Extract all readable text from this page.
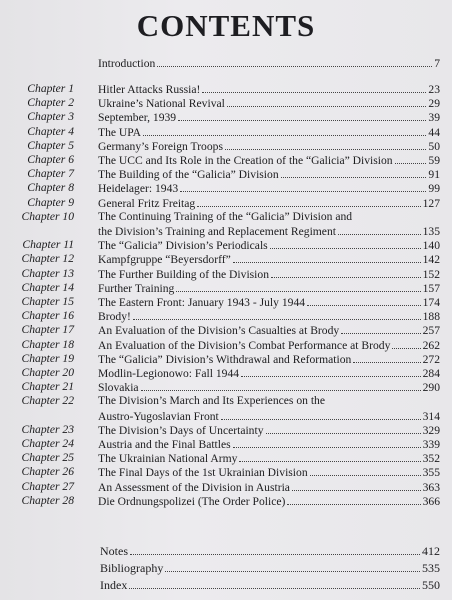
CONTENTS
Introduction	7
Chapter 1 Hitler Attacks Russia!	23
Chapter 2 Ukraine’s National Revival	29
Chapter 3 September, 1939	39
Chapter 4 The UPA	44
Chapter 5 Germany’s Foreign Troops	50
Chapter 6 The UCC and Its Role in the Creation of the “Galicia” Division	59
Chapter 7 The Building of the “Galicia” Division	91
Chapter 8 Heidelager: 1943	99
Chapter 9 General Fritz Freitag	127
Chapter 10 The Continuing Training of the “Galicia” Division and
the Division’s Training and Replacement Regiment	135
Chapter 11 The “Galicia” Division’s Periodicals	140
Chapter 12 Kampfgruppe “Beyersdorff”	142
Chapter 13 The Further Building of the Division	152
Chapter 14 Further Training	157
Chapter 15 The Eastern Front: January 1943 - July 1944	174
Chapter 16 Brody!	188
Chapter 17 An Evaluation of the Division’s Casualties at Brody	257
Chapter 18 An Evaluation of the Division’s Combat Performance at Brody	262
Chapter 19 The “Galicia” Division’s Withdrawal and Reformation	272
Chapter 20 Modlin-Legionowo: Fall 1944	284
Chapter 21 Slovakia	290
Chapter 22 The Division’s March and Its Experiences on the
Austro-Yugoslavian Front	314
Chapter 23 The Division’s Days of Uncertainty	329
Chapter 24 Austria and the Final Battles	339
Chapter 25 The Ukrainian National Army	352
Chapter 26 The Final Days of the 1st Ukrainian Division	355
Chapter 27 An Assessment of the Division in Austria	363
Chapter 28 Die Ordnungspolizei (The Order Police)	366
Notes	412
Bibliography	535
Index	550
